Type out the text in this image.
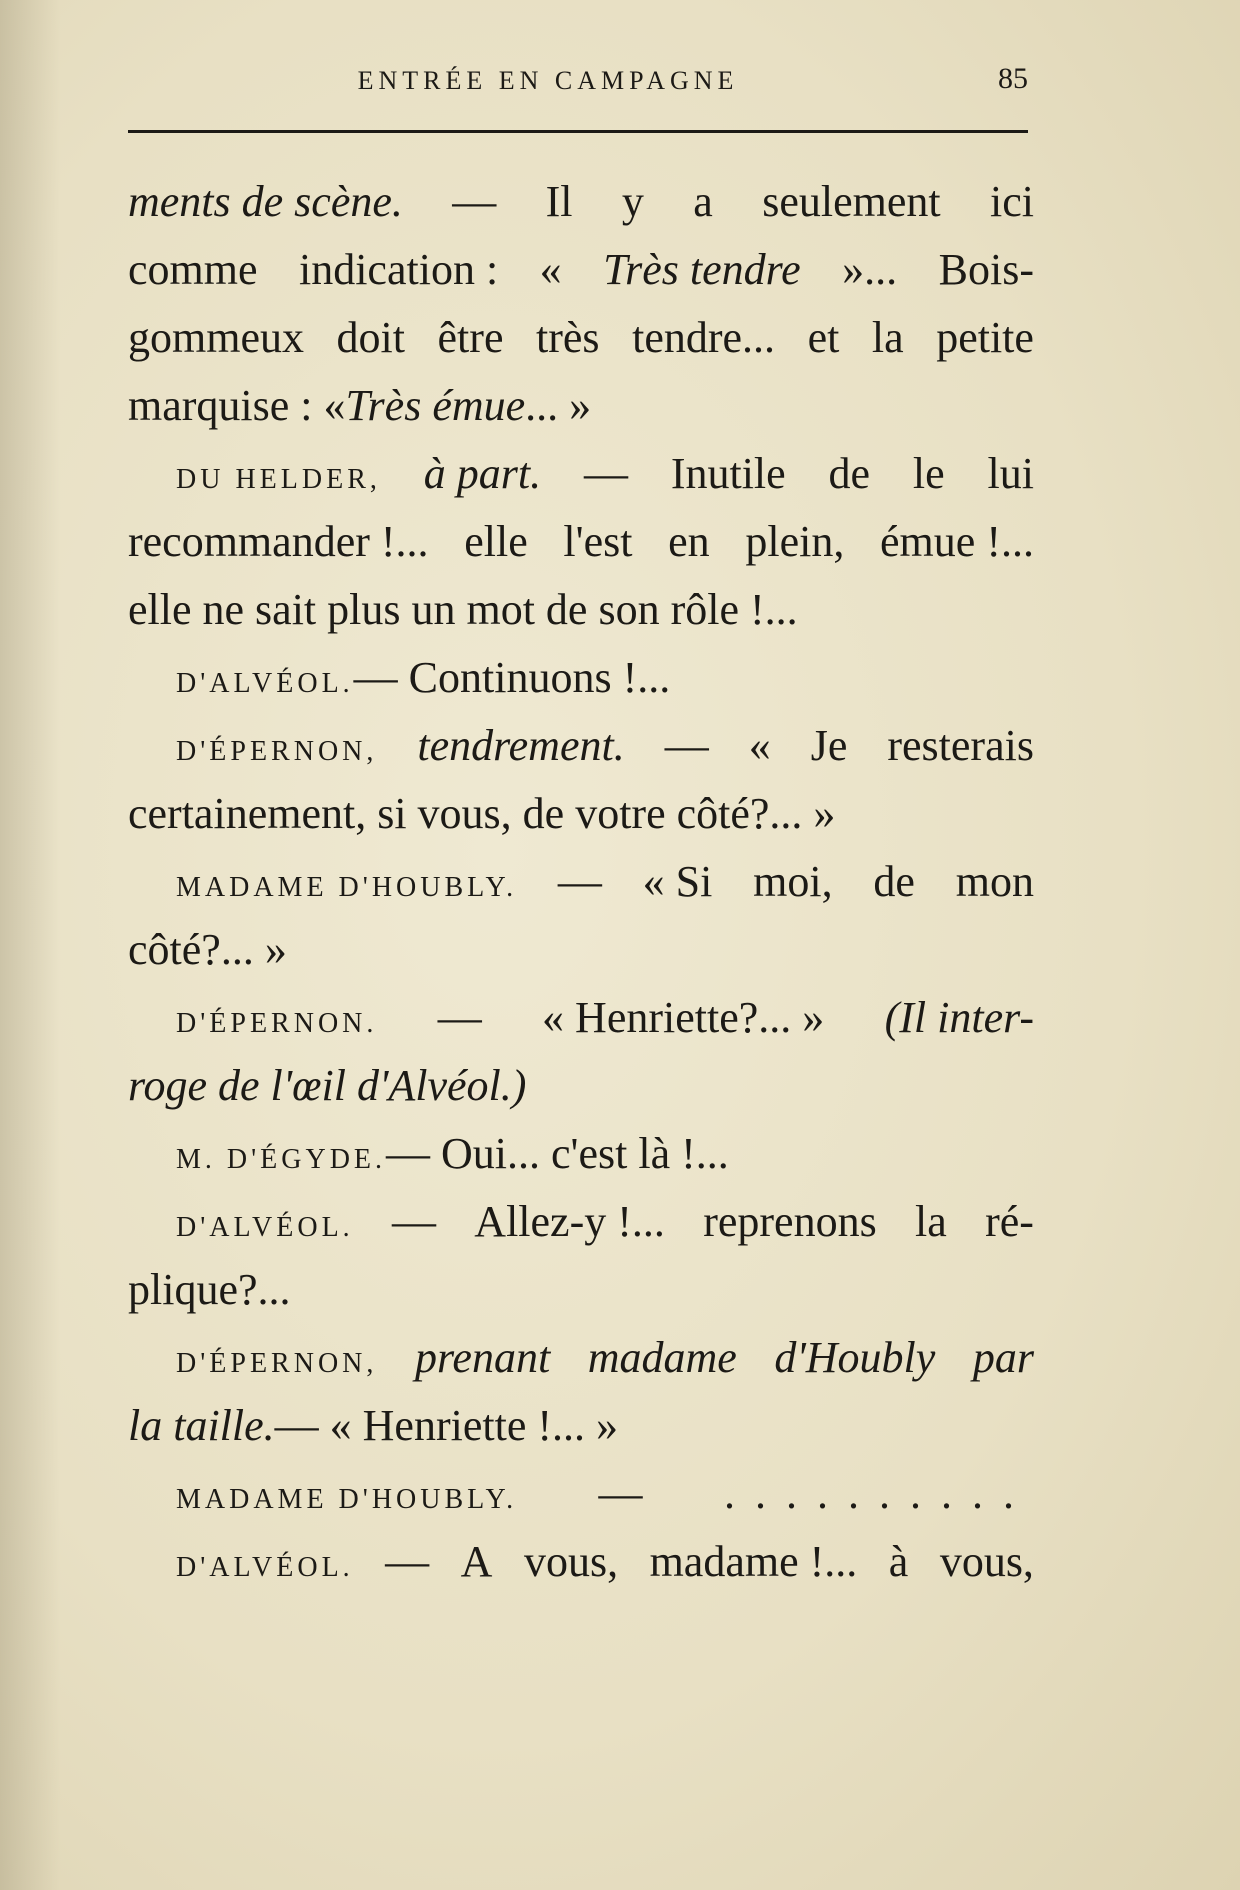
ENTRÉE EN CAMPAGNE	85
ments de scène. — Il y a seulement ici
comme indication : « Très tendre »... Bois-
gommeux doit être très tendre... et la petite
marquise : « Très émue ... »
DU HELDER, à part. — Inutile de le lui
recommander !... elle l'est en plein, émue !...
elle ne sait plus un mot de son rôle !...
D'ALVÉOL. — Continuons !...
D'ÉPERNON, tendrement. — « Je resterais
certainement, si vous, de votre côté?... »
MADAME D'HOUBLY. — « Si moi, de mon
côté?... »
D'ÉPERNON. — « Henriette?... » (Il inter-
roge de l'œil d'Alvéol.)
M. D'ÉGYDE. — Oui... c'est là !...
D'ALVÉOL. — Allez-y !... reprenons la ré-
plique?...
D'ÉPERNON, prenant madame d'Houbly par
la taille. — « Henriette !... »
MADAME D'HOUBLY. — ..........
D'ALVÉOL. — A vous, madame !... à vous,
